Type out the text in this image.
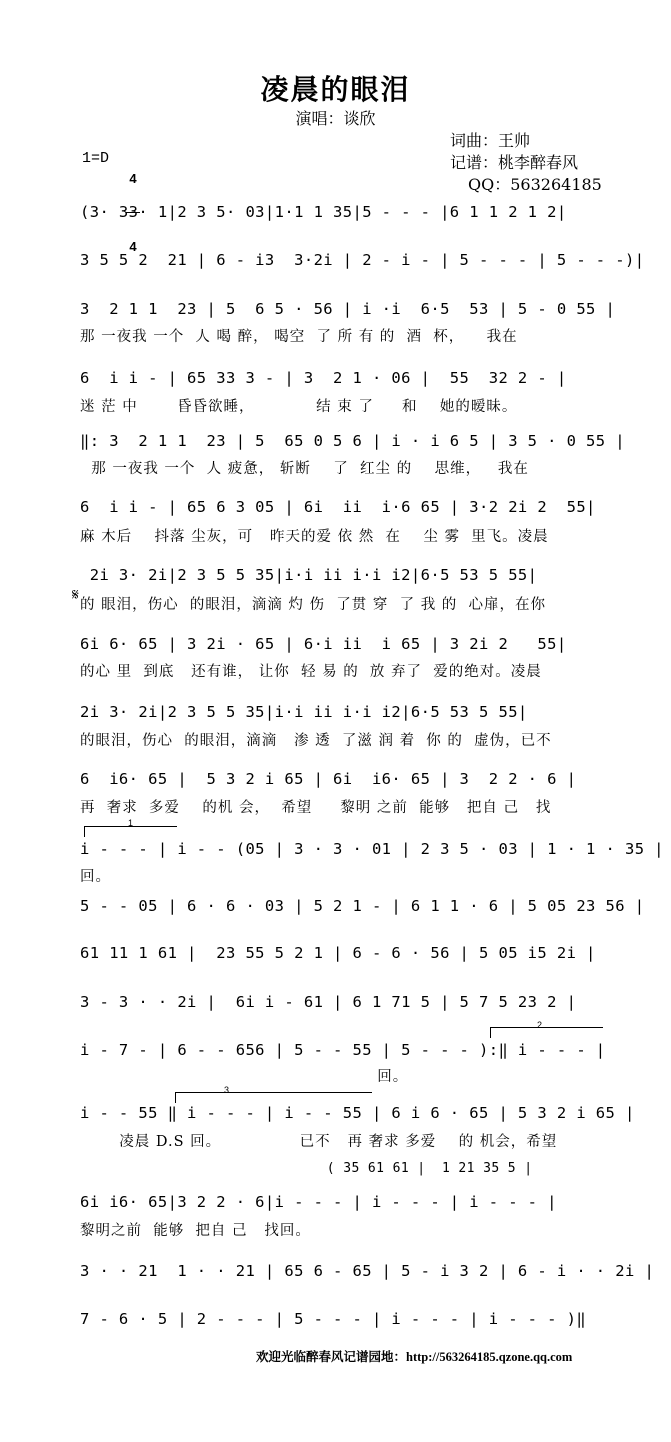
凌晨的眼泪
演唱：谈欣
词曲：王帅
记谱：桃李醉春风
QQ：563264185
1=D

4

4

(3· 33· 1|2 3 5· 03|1·1 1 35|5 - - - |6 1 1 2 1 2|
3 5 5 2  21 | 6 - i3  3·2i | 2 - i - | 5 - - - | 5 - - -)|
3  2 1 1  23 | 5  6 5 · 56 | i ·i  6·5  53 | 5 - 0 55 |
那 一夜我 一个  人 喝 醉， 喝空  了 所 有 的  酒  杯，    我在
6  i i - | 65 33 3 - | 3  2 1 · 06 |  55  32 2 - |
迷 茫 中       昏昏欲睡，           结 束 了     和    她的暧昧。
‖: 3  2 1 1  23 | 5  65 0 5 6 | i · i 6 5 | 3 5 · 0 55 |
那 一夜我 一个  人 疲惫， 斩断    了  红尘 的    思维，   我在
6  i i - | 65 6 3 05 | 6i  ii  i·6 65 | 3·2 2i 2  55|
麻 木后    抖落 尘灰，可   昨天的爱 依 然  在    尘 雾  里飞。凌晨
𝄋
2i 3· 2i|2 3 5 5 35|i·i ii i·i i2|6·5 53 5 55|
的 眼泪，伤心  的眼泪，滴滴 灼 伤  了贯 穿  了 我 的  心扉，在你
6i 6· 65 | 3 2i · 65 | 6·i ii  i 65 | 3 2i 2   55|
的心 里  到底   还有谁， 让你  轻 易 的  放 弃了  爱的绝对。凌晨
2i 3· 2i|2 3 5 5 35|i·i ii i·i i2|6·5 53 5 55|
的眼泪，伤心  的眼泪，滴滴   渗 透  了滋 润 着  你 的  虚伪，已不
6  i6· 65 |  5 3 2 i 65 | 6i  i6· 65 | 3  2 2 · 6 |
再  奢求  多爱    的机 会，  希望     黎明 之前  能够   把自 己   找
1
i - - - | i - - (05 | 3 · 3 · 01 | 2 3 5 · 03 | 1 · 1 · 35 |
回。
5 - - 05 | 6 · 6 · 03 | 5 2 1 - | 6 1 1 · 6 | 5 05 23 56 |
61 11 1 61 |  23 55 5 2 1 | 6 - 6 · 56 | 5 05 i5 2i |
3 - 3 · · 2i |  6i i - 61 | 6 1 71 5 | 5 7 5 23 2 |
2
i - 7 - | 6 - - 656 | 5 - - 55 | 5 - - - ):‖ i - - - |
回。
3
i - - 55 ‖ i - - - | i - - 55 | 6 i 6 · 65 | 5 3 2 i 65 |
凌晨 D.S 回。              已不   再 奢求 多爱    的 机会，希望
( 35 61 61 |  1 21 35 5 |
6i i6· 65|3 2 2 · 6|i - - - | i - - - | i - - - |
黎明之前  能够  把自 己   找回。
3 · · 21  1 · · 21 | 65 6 - 65 | 5 - i 3 2 | 6 - i · · 2i |
7 - 6 · 5 | 2 - - - | 5 - - - | i - - - | i - - - )‖
欢迎光临醉春风记谱园地：http://563264185.qzone.qq.com
